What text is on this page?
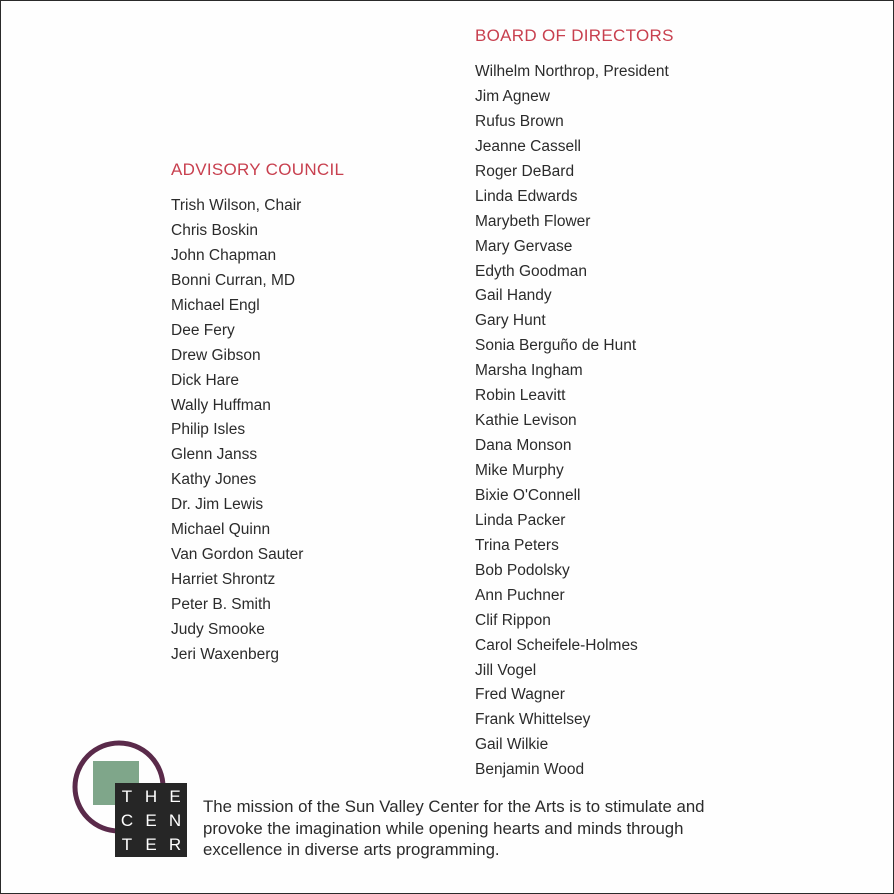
ADVISORY COUNCIL
Trish Wilson, Chair
Chris Boskin
John Chapman
Bonni Curran, MD
Michael Engl
Dee Fery
Drew Gibson
Dick Hare
Wally Huffman
Philip Isles
Glenn Janss
Kathy Jones
Dr. Jim Lewis
Michael Quinn
Van Gordon Sauter
Harriet Shrontz
Peter B. Smith
Judy Smooke
Jeri Waxenberg
BOARD OF DIRECTORS
Wilhelm Northrop, President
Jim Agnew
Rufus Brown
Jeanne Cassell
Roger DeBard
Linda Edwards
Marybeth Flower
Mary Gervase
Edyth Goodman
Gail Handy
Gary Hunt
Sonia Berguño de Hunt
Marsha Ingham
Robin Leavitt
Kathie Levison
Dana Monson
Mike Murphy
Bixie O'Connell
Linda Packer
Trina Peters
Bob Podolsky
Ann Puchner
Clif Rippon
Carol Scheifele-Holmes
Jill Vogel
Fred Wagner
Frank Whittelsey
Gail Wilkie
Benjamin Wood
T H E
C E N
T E R
The mission of the Sun Valley Center for the Arts is to stimulate and
provoke the imagination while opening hearts and minds through
excellence in diverse arts programming.
